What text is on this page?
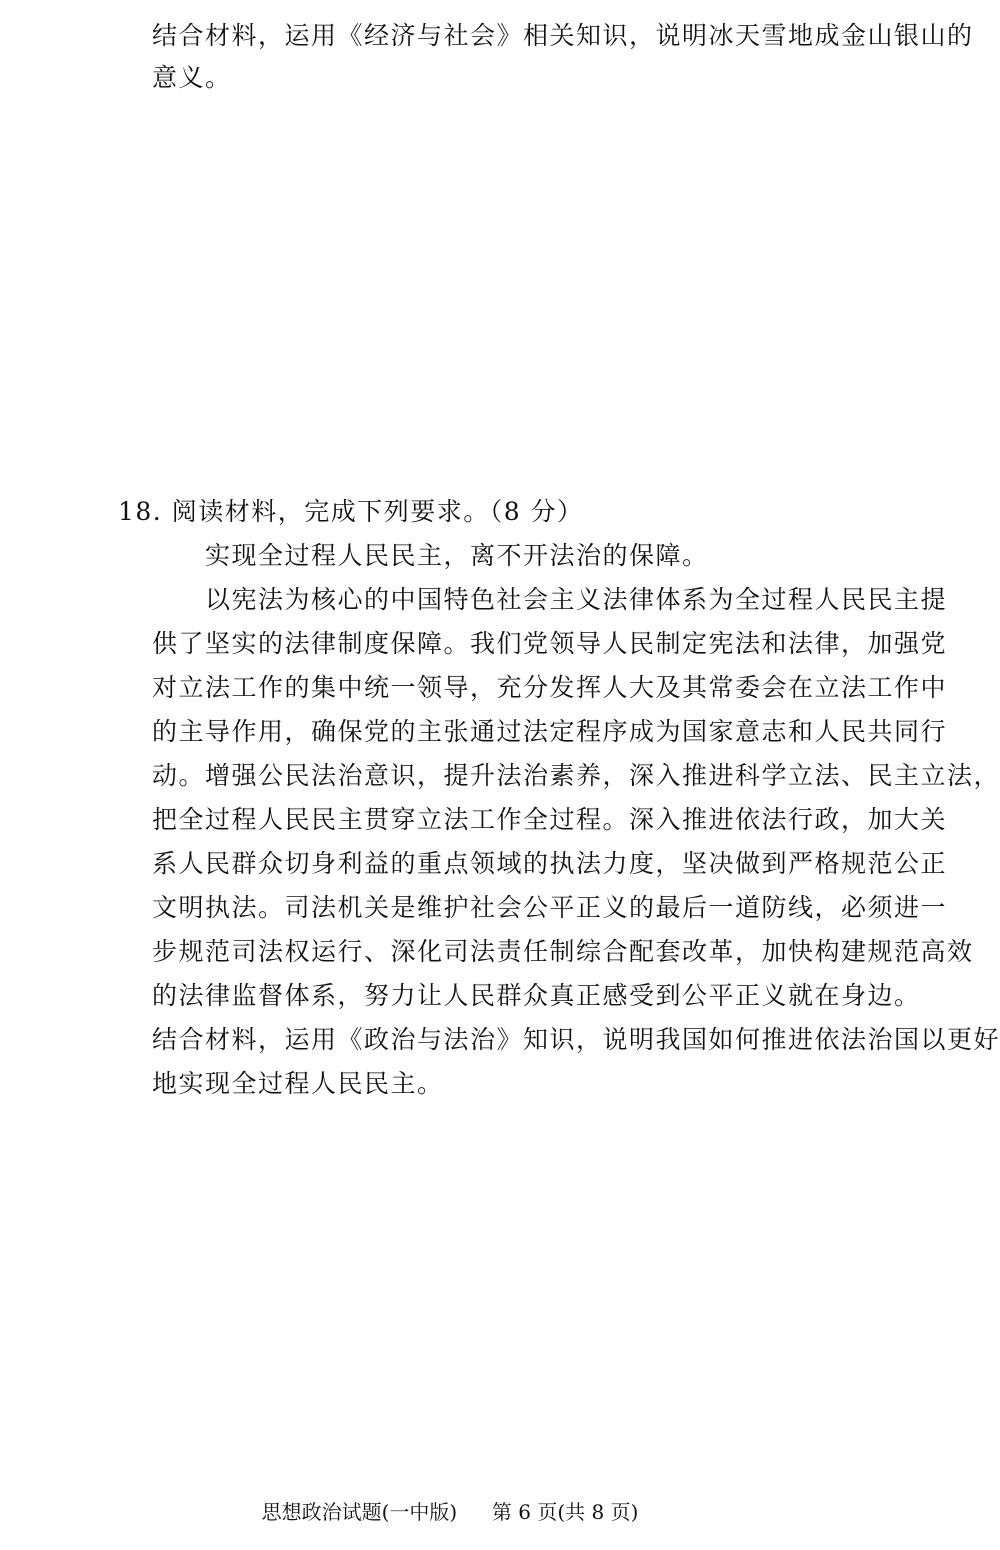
结合材料，运用《经济与社会》相关知识，说明冰天雪地成金山银山的
意义。
18. 阅读材料，完成下列要求。（8 分）
实现全过程人民民主，离不开法治的保障。
以宪法为核心的中国特色社会主义法律体系为全过程人民民主提
供了坚实的法律制度保障。我们党领导人民制定宪法和法律，加强党
对立法工作的集中统一领导，充分发挥人大及其常委会在立法工作中
的主导作用，确保党的主张通过法定程序成为国家意志和人民共同行
动。增强公民法治意识，提升法治素养，深入推进科学立法、民主立法，
把全过程人民民主贯穿立法工作全过程。深入推进依法行政，加大关
系人民群众切身利益的重点领域的执法力度，坚决做到严格规范公正
文明执法。司法机关是维护社会公平正义的最后一道防线，必须进一
步规范司法权运行、深化司法责任制综合配套改革，加快构建规范高效
的法律监督体系，努力让人民群众真正感受到公平正义就在身边。
结合材料，运用《政治与法治》知识，说明我国如何推进依法治国以更好
地实现全过程人民民主。
思想政治试题(一中版) 第 6 页(共 8 页)
